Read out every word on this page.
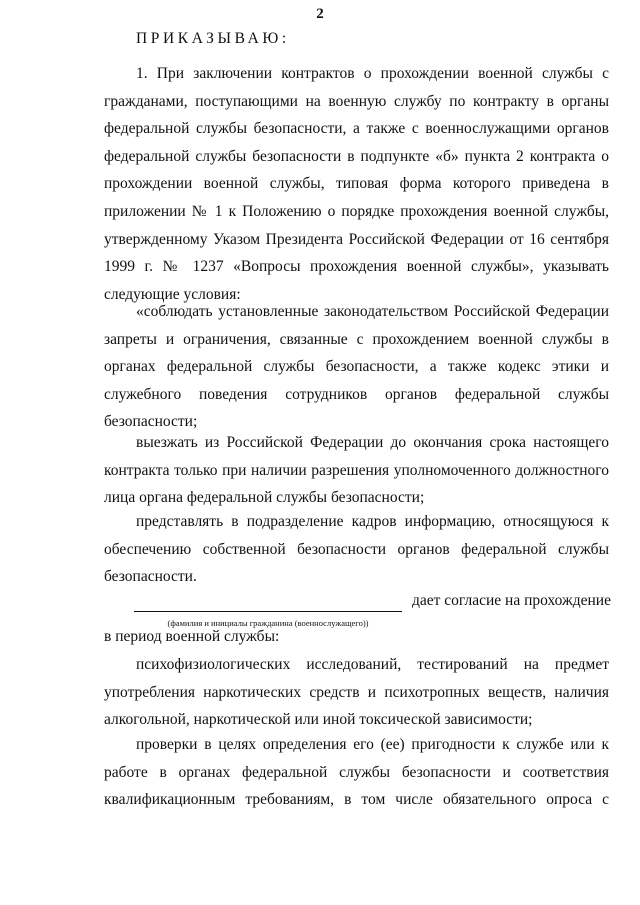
2
ПРИКАЗЫВАЮ:
1. При заключении контрактов о прохождении военной службы с гражданами, поступающими на военную службу по контракту в органы федеральной службы безопасности, а также с военнослужащими органов федеральной службы безопасности в подпункте «б» пункта 2 контракта о прохождении военной службы, типовая форма которого приведена в приложении № 1 к Положению о порядке прохождения военной службы, утвержденному Указом Президента Российской Федерации от 16 сентября 1999 г. № 1237 «Вопросы прохождения военной службы», указывать следующие условия:
«соблюдать установленные законодательством Российской Федерации запреты и ограничения, связанные с прохождением военной службы в органах федеральной службы безопасности, а также кодекс этики и служебного поведения сотрудников органов федеральной службы безопасности;
выезжать из Российской Федерации до окончания срока настоящего контракта только при наличии разрешения уполномоченного должностного лица органа федеральной службы безопасности;
представлять в подразделение кадров информацию, относящуюся к обеспечению собственной безопасности органов федеральной службы безопасности.
(фамилия и инициалы гражданина (военнослужащего))
дает согласие на прохождение
в период военной службы:
психофизиологических исследований, тестирований на предмет употребления наркотических средств и психотропных веществ, наличия алкогольной, наркотической или иной токсической зависимости;
проверки в целях определения его (ее) пригодности к службе или к работе в органах федеральной службы безопасности и соответствия квалификационным требованиям, в том числе обязательного опроса с
